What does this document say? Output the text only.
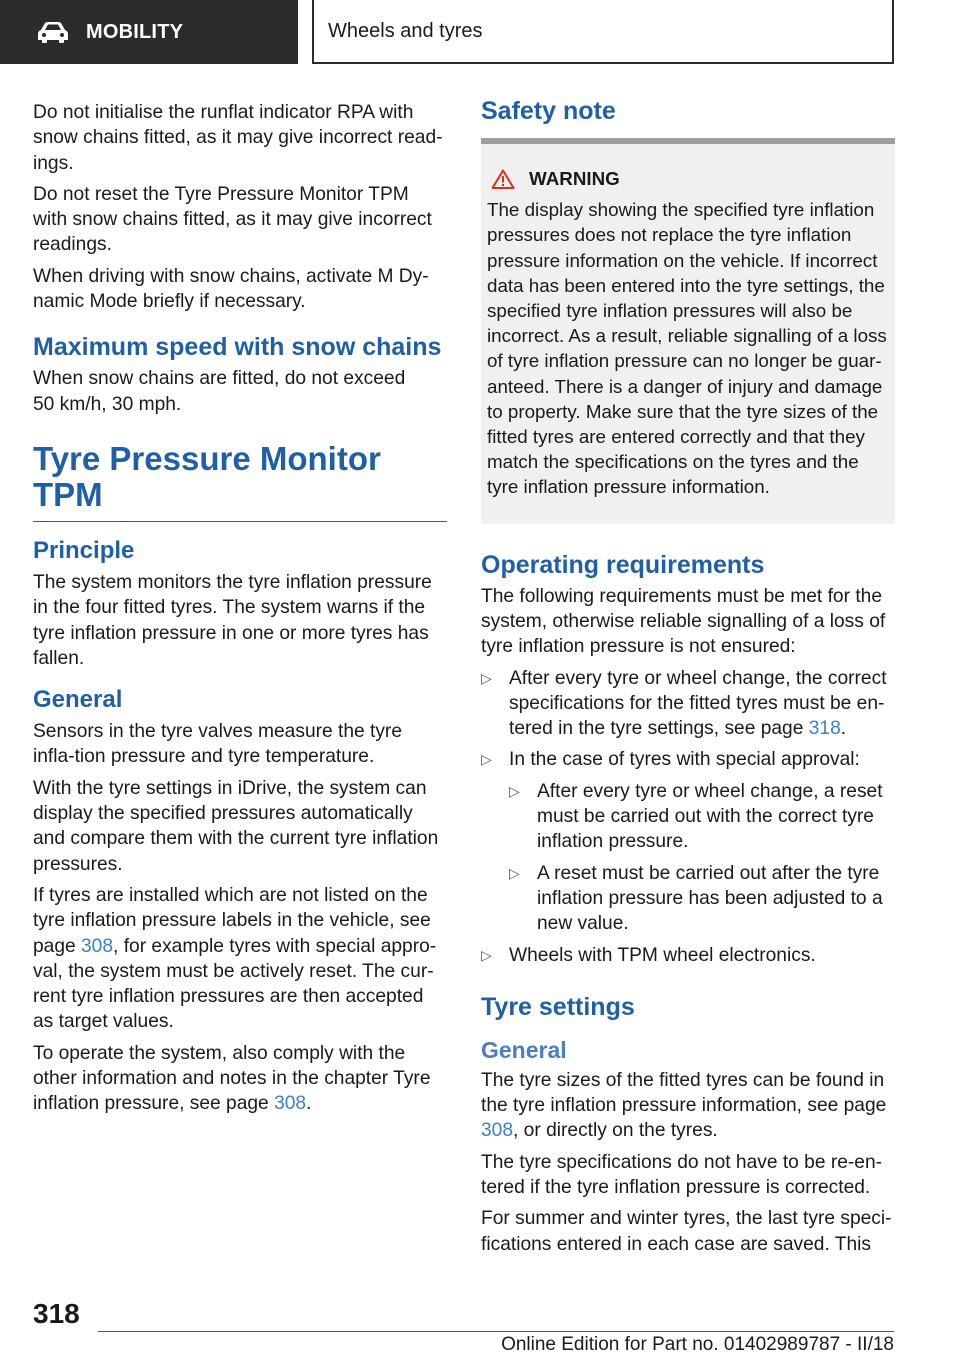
MOBILITY	Wheels and tyres

Do not initialise the runflat indicator RPA with snow chains fitted, as it may give incorrect read‐ings.

Do not reset the Tyre Pressure Monitor TPM with snow chains fitted, as it may give incorrect readings.

When driving with snow chains, activate M Dy‐namic Mode briefly if necessary.

Maximum speed with snow chains

When snow chains are fitted, do not exceed
50 km/h, 30 mph.

Tyre Pressure Monitor TPM
Principle

The system monitors the tyre inflation pressure in the four fitted tyres. The system warns if the tyre inflation pressure in one or more tyres has fallen.

General

Sensors in the tyre valves measure the tyre infla‐tion pressure and tyre temperature.

With the tyre settings in iDrive, the system can display the specified pressures automatically and compare them with the current tyre inflation pressures.

If tyres are installed which are not listed on the tyre inflation pressure labels in the vehicle, see page 308, for example tyres with special appro‐val, the system must be actively reset. The cur‐rent tyre inflation pressures are then accepted as target values.

To operate the system, also comply with the other information and notes in the chapter Tyre inflation pressure, see page 308.

Safety note
WARNING
The display showing the specified tyre inflation pressures does not replace the tyre inflation pressure information on the vehicle. If incorrect data has been entered into the tyre settings, the specified tyre inflation pressures will also be incorrect. As a result, reliable signalling of a loss of tyre inflation pressure can no longer be guar‐anteed. There is a danger of injury and damage to property. Make sure that the tyre sizes of the fitted tyres are entered correctly and that they match the specifications on the tyres and the tyre inflation pressure information.
Operating requirements

The following requirements must be met for the system, otherwise reliable signalling of a loss of tyre inflation pressure is not ensured:

▷ After every tyre or wheel change, the correct specifications for the fitted tyres must be en‐tered in the tyre settings, see page 318.
▷ In the case of tyres with special approval:
▷ After every tyre or wheel change, a reset must be carried out with the correct tyre inflation pressure.
▷ A reset must be carried out after the tyre inflation pressure has been adjusted to a new value.
▷ Wheels with TPM wheel electronics.
Tyre settings
General

The tyre sizes of the fitted tyres can be found in the tyre inflation pressure information, see page 308, or directly on the tyres.

The tyre specifications do not have to be re-en‐tered if the tyre inflation pressure is corrected.

For summer and winter tyres, the last tyre speci‐fications entered in each case are saved. This

318
Online Edition for Part no. 01402989787 - II/18
